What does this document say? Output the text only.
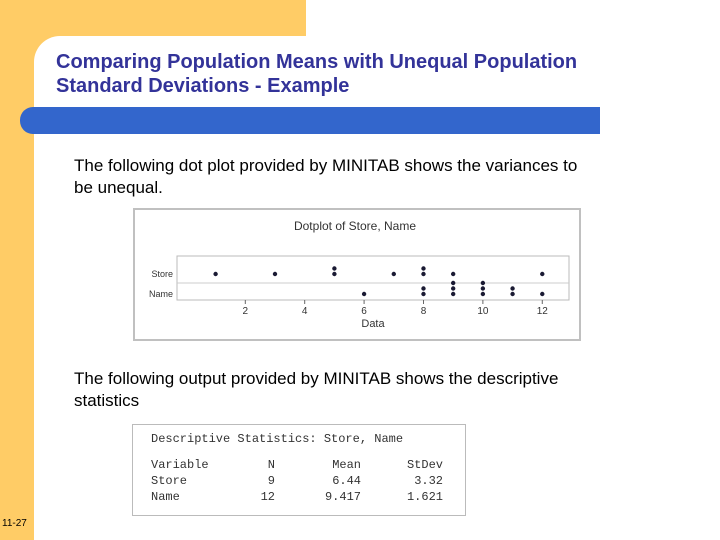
Comparing Population Means with Unequal Population Standard Deviations - Example

The following dot plot provided by MINITAB shows the variances to be unequal.

Dotplot of Store, Name
Store
Name
2	4	6	8	10	12
Data

The following output provided by MINITAB shows the descriptive statistics

Descriptive Statistics: Store, Name
Variable	N	Mean	StDev
Store	9	6.44	3.32
Name	12	9.417	1.621
11-27
